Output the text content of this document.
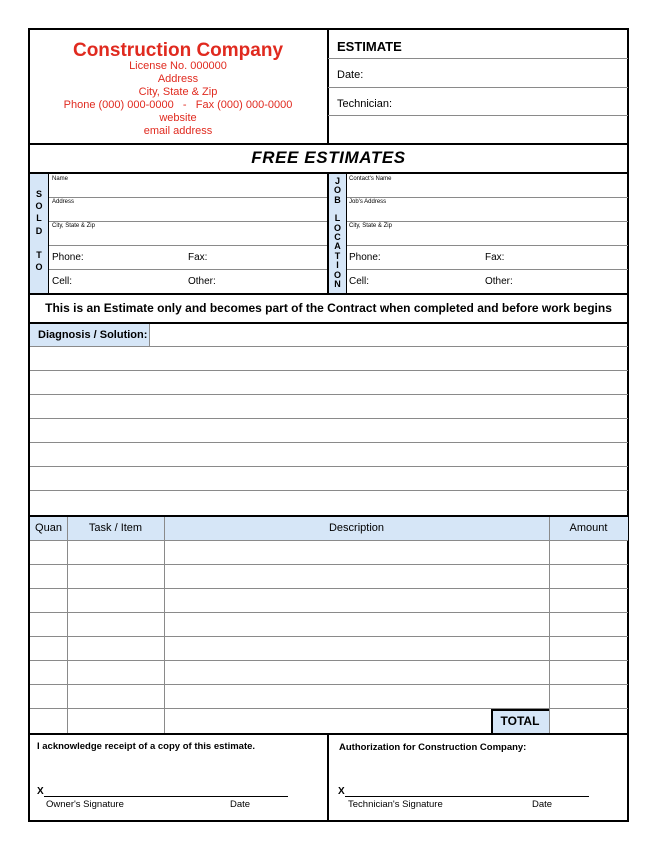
Construction Company
License No. 000000
Address
City, State & Zip
Phone (000) 000-0000   -   Fax (000) 000-0000
website
email address
ESTIMATE
Date:
Technician:
FREE ESTIMATES
S
O
L
D
T
O
J
O
B
L
O
C
A
T
I
O
N
Name
Address
City, State & Zip
Phone:	Fax:
Cell:	Other:
Contact's Name
Job's Address
City, State & Zip
Phone:	Fax:
Cell:	Other:
This is an Estimate only and becomes part of the Contract when completed and before work begins
Diagnosis / Solution:
Quan	Task / Item	Description	Amount
TOTAL
I acknowledge receipt of a copy of this estimate.
X
Owner's Signature	Date
Authorization for Construction Company:
X
Technician's Signature	Date
